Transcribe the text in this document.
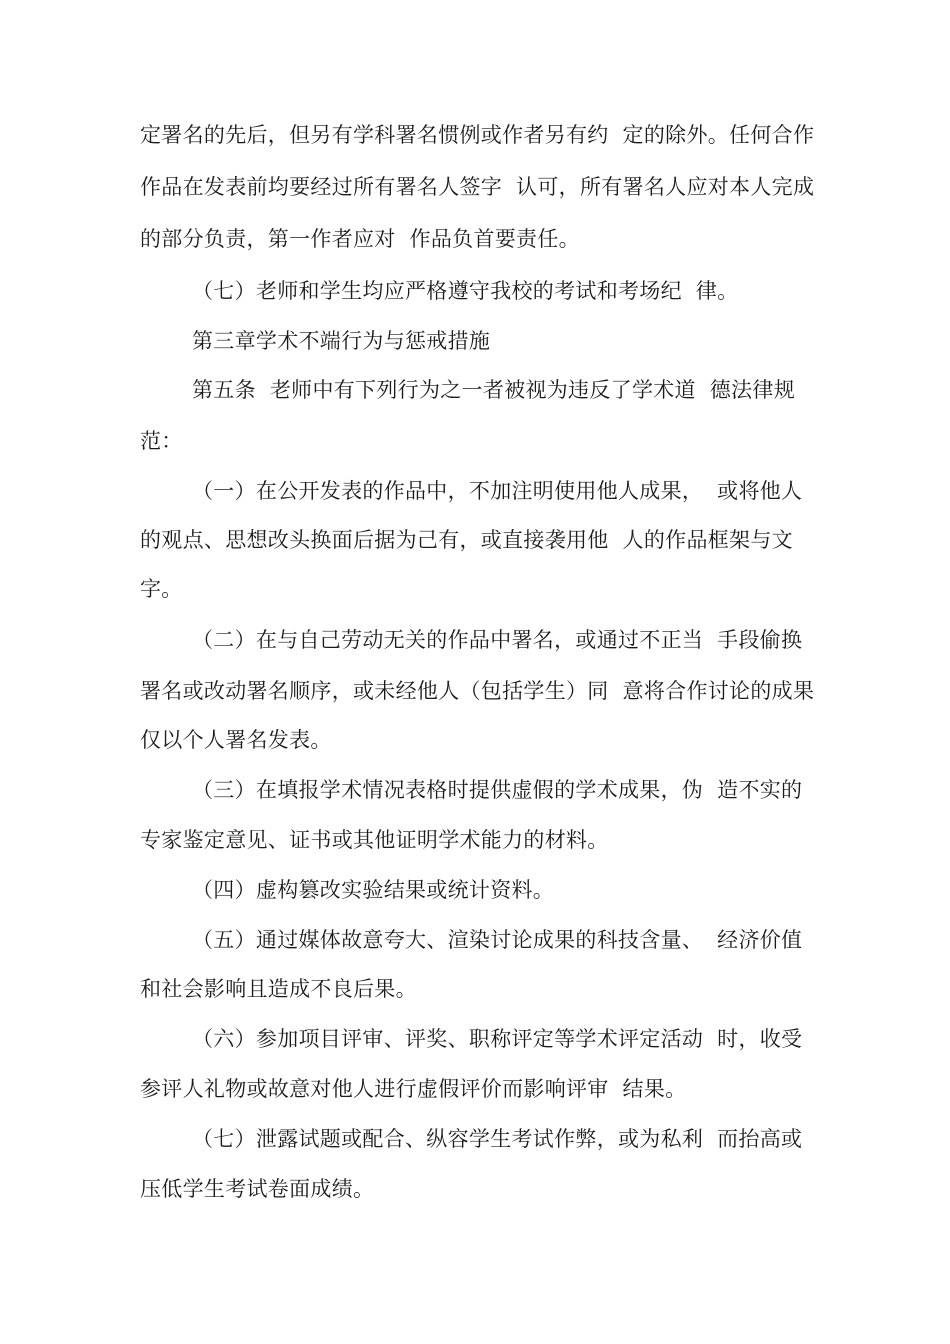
定署名的先后，但另有学科署名惯例或作者另有约  定的除外。任何合作
作品在发表前均要经过所有署名人签字  认可，所有署名人应对本人完成
的部分负责，第一作者应对  作品负首要责任。
（七）老师和学生均应严格遵守我校的考试和考场纪  律。
第三章学术不端行为与惩戒措施
第五条  老师中有下列行为之一者被视为违反了学术道  德法律规
范：
（一）在公开发表的作品中，不加注明使用他人成果，  或将他人
的观点、思想改头换面后据为己有，或直接袭用他  人的作品框架与文
字。
（二）在与自己劳动无关的作品中署名，或通过不正当  手段偷换
署名或改动署名顺序，或未经他人（包括学生）同  意将合作讨论的成果
仅以个人署名发表。
（三）在填报学术情况表格时提供虚假的学术成果，伪  造不实的
专家鉴定意见、证书或其他证明学术能力的材料。
（四）虚构篡改实验结果或统计资料。
（五）通过媒体故意夸大、渲染讨论成果的科技含量、  经济价值
和社会影响且造成不良后果。
（六）参加项目评审、评奖、职称评定等学术评定活动  时，收受
参评人礼物或故意对他人进行虚假评价而影响评审  结果。
（七）泄露试题或配合、纵容学生考试作弊，或为私利  而抬高或
压低学生考试卷面成绩。
